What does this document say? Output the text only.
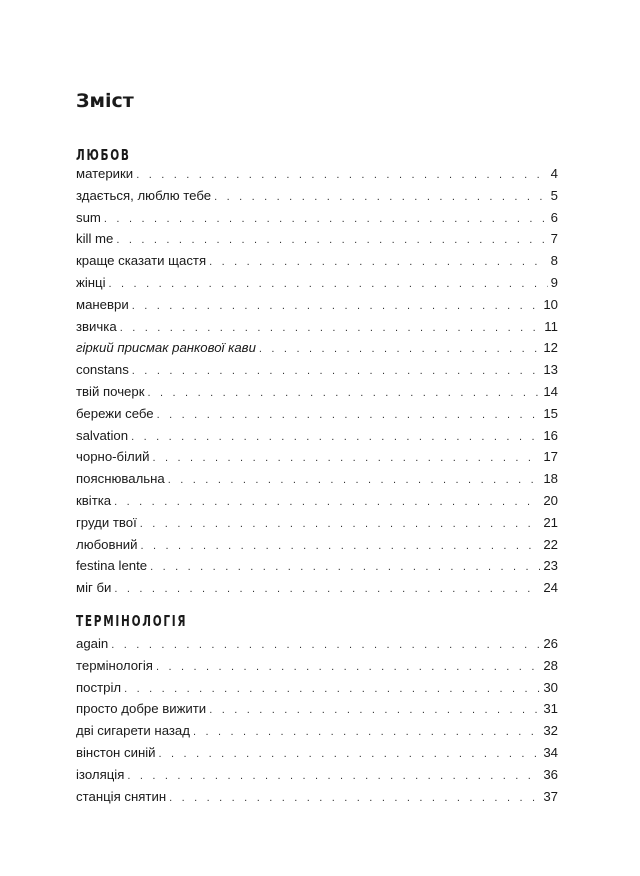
Зміст
ЛЮБОВ
материки . . .	4
здається, люблю тебе . . .	5
sum . . .	6
kill me . . .	7
краще сказати щастя . . .	8
жінці . . .	9
маневри . . .	10
звичка . . .	11
гіркий присмак ранкової кави . . .	12
constans . . .	13
твій почерк . . .	14
бережи себе . . .	15
salvation . . .	16
чорно-білий . . .	17
пояснювальна . . .	18
квітка . . .	20
груди твої . . .	21
любовний . . .	22
festina lente . . .	23
міг би . . .	24
ТЕРМІНОЛОГІЯ
again . . .	26
термінологія . . .	28
постріл . . .	30
просто добре вижити . . .	31
дві сигарети назад . . .	32
вінстон синій . . .	34
ізоляція . . .	36
станція снятин . . .	37
